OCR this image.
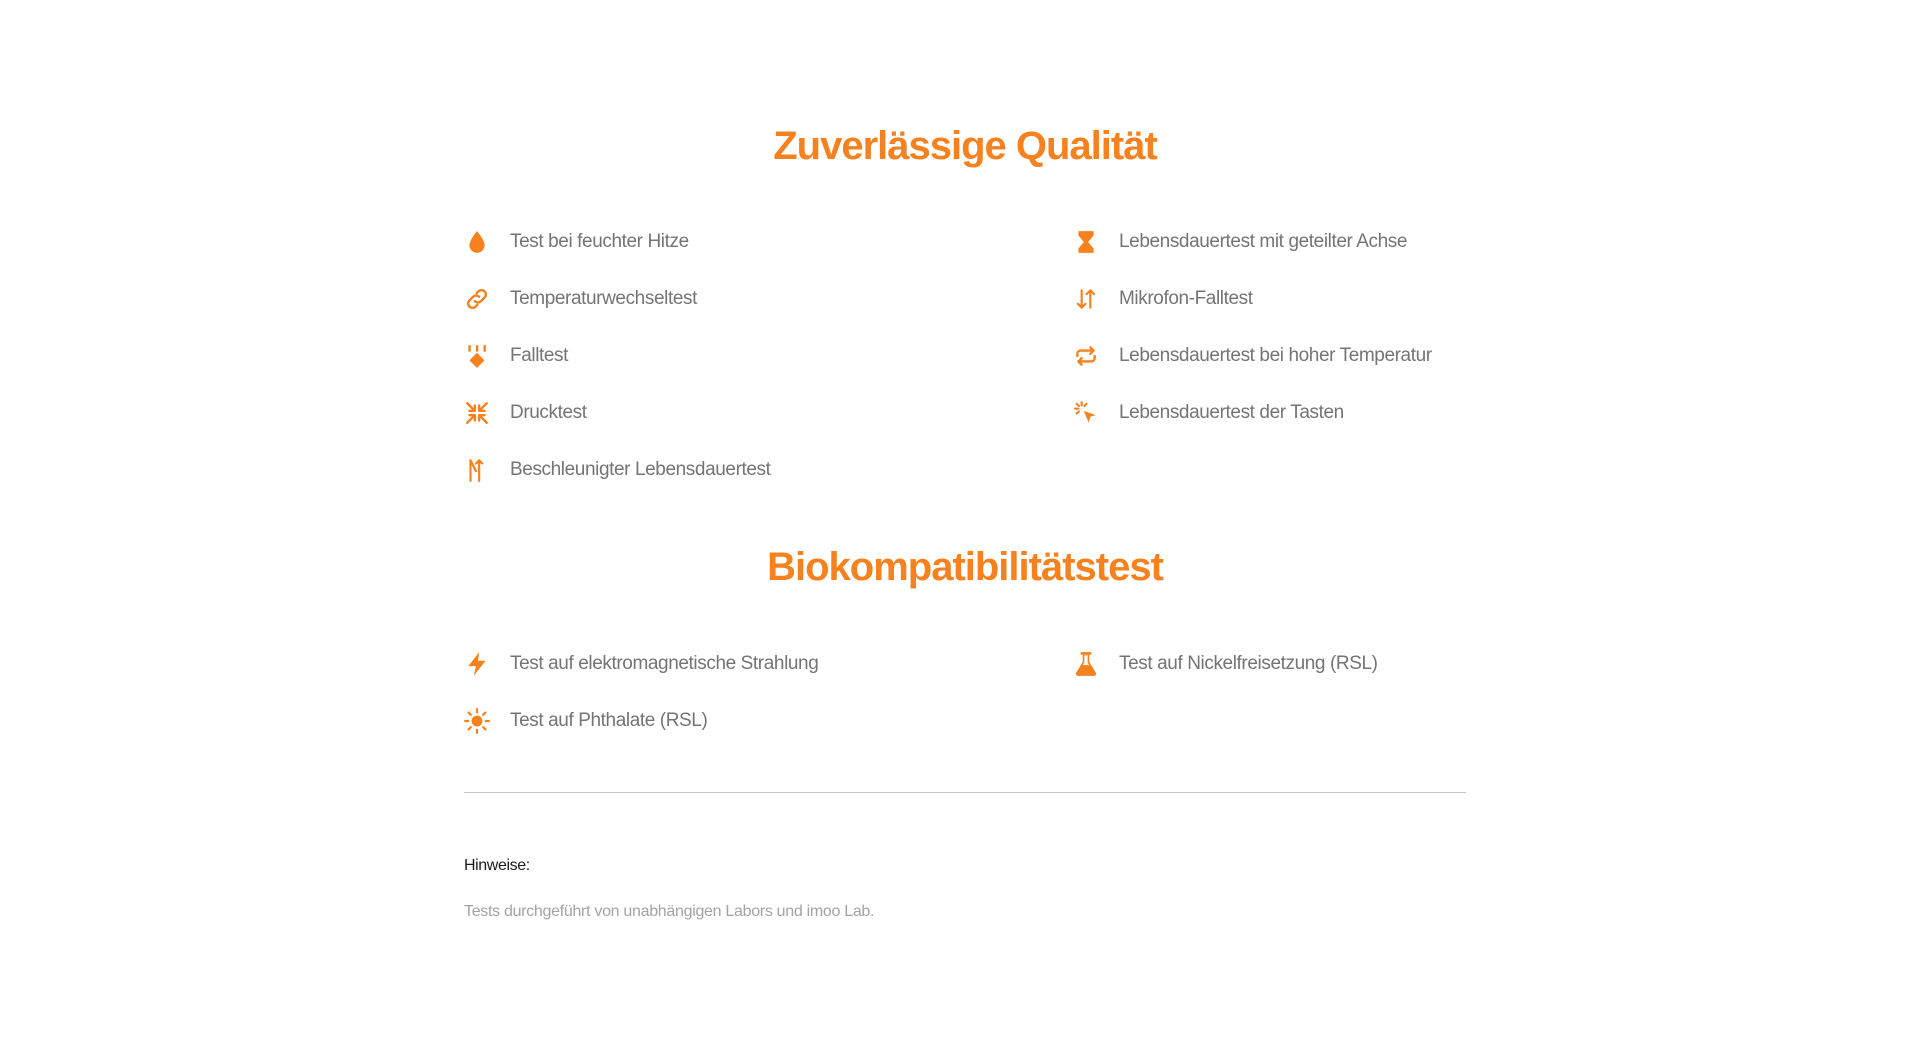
Zuverlässige Qualität
Test bei feuchter Hitze	Lebensdauertest mit geteilter Achse
Temperaturwechseltest	Mikrofon-Falltest
Falltest	Lebensdauertest bei hoher Temperatur
Drucktest	Lebensdauertest der Tasten
Beschleunigter Lebensdauertest
Biokompatibilitätstest
Test auf elektromagnetische Strahlung	Test auf Nickelfreisetzung (RSL)
Test auf Phthalate (RSL)
Hinweise:
Tests durchgeführt von unabhängigen Labors und imoo Lab.
